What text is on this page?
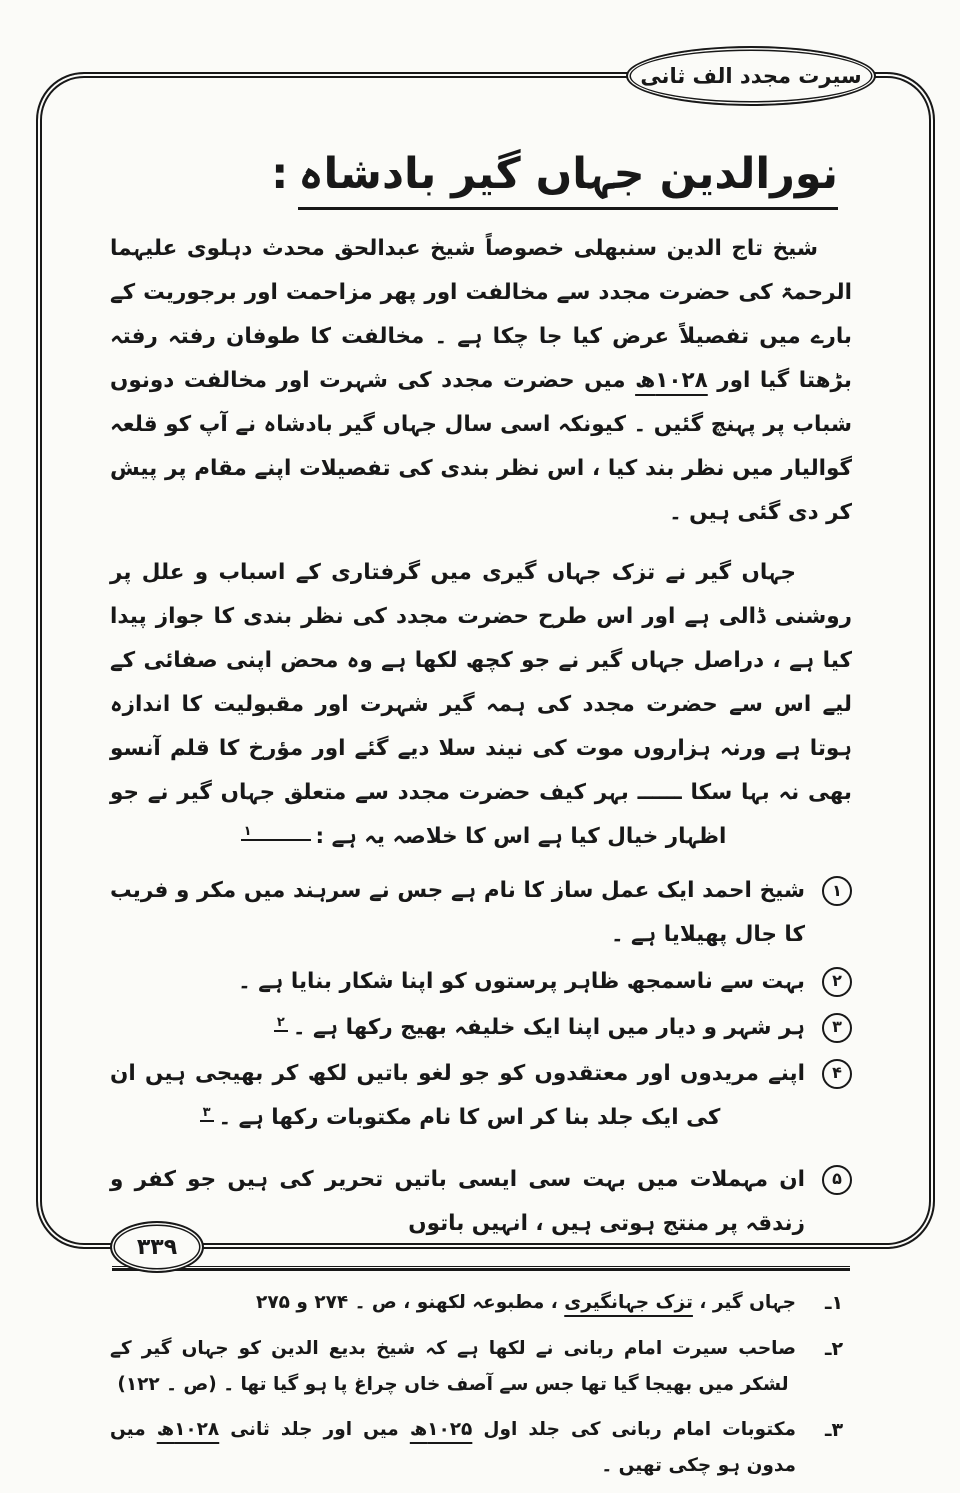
سیرت مجدد الف ثانی
نورالدین جہاں گیر بادشاہ:
شیخ تاج الدین سنبھلی خصوصاً شیخ عبدالحق محدث دہلوی علیہما الرحمۃ کی حضرت مجدد سے مخالفت اور پھر مزاحمت اور برجوریت کے بارے میں تفصیلاً عرض کیا جا چکا ہے ۔ مخالفت کا طوفان رفتہ رفتہ بڑھتا گیا اور ۱۰۲۸ھ میں حضرت مجدد کی شہرت اور مخالفت دونوں شباب پر پہنچ گئیں ۔ کیونکہ اسی سال جہاں گیر بادشاہ نے آپ کو قلعہ گوالیار میں نظر بند کیا ، اس نظر بندی کی تفصیلات اپنے مقام پر پیش کر دی گئی ہیں ۔
جہاں گیر نے تزک جہاں گیری میں گرفتاری کے اسباب و علل پر روشنی ڈالی ہے اور اس طرح حضرت مجدد کی نظر بندی کا جواز پیدا کیا ہے ، دراصل جہاں گیر نے جو کچھ لکھا ہے وہ محض اپنی صفائی کے لیے اس سے حضرت مجدد کی ہمہ گیر شہرت اور مقبولیت کا اندازہ ہوتا ہے ورنہ ہزاروں موت کی نیند سلا دیے گئے اور مؤرخ کا قلم آنسو بھی نہ بہا سکا ــــــ بہر کیف حضرت مجدد سے متعلق جہاں گیر نے جو اظہار خیال کیا ہے اس کا خلاصہ یہ ہے :۱
۱
شیخ احمد ایک عمل ساز کا نام ہے جس نے سرہند میں مکر و فریب کا جال پھیلایا ہے ۔
۲
بہت سے ناسمجھ ظاہر پرستوں کو اپنا شکار بنایا ہے ۔
۳
ہر شہر و دیار میں اپنا ایک خلیفہ بھیج رکھا ہے ۔۲
۴
اپنے مریدوں اور معتقدوں کو جو لغو باتیں لکھ کر بھیجی ہیں ان کی ایک جلد بنا کر اس کا نام مکتوبات رکھا ہے ۔۳
۵
ان مہملات میں بہت سی ایسی باتیں تحریر کی ہیں جو کفر و زندقہ پر منتج ہوتی ہیں ، انہیں باتوں
۱ـ
جہاں گیر ، تزک جہانگیری ، مطبوعہ لکھنو ، ص ۔ ۲۷۴ و ۲۷۵
۲ـ
صاحب سیرت امام ربانی نے لکھا ہے کہ شیخ بدیع الدین کو جہاں گیر کے لشکر میں بھیجا گیا تھا جس سے آصف خاں چراغ پا ہو گیا تھا ۔ (ص ۔ ۱۲۲)
۳ـ
مکتوبات امام ربانی کی جلد اول ۱۰۲۵ھ میں اور جلد ثانی ۱۰۲۸ھ میں مدون ہو چکی تھیں ۔
۳۳۹
